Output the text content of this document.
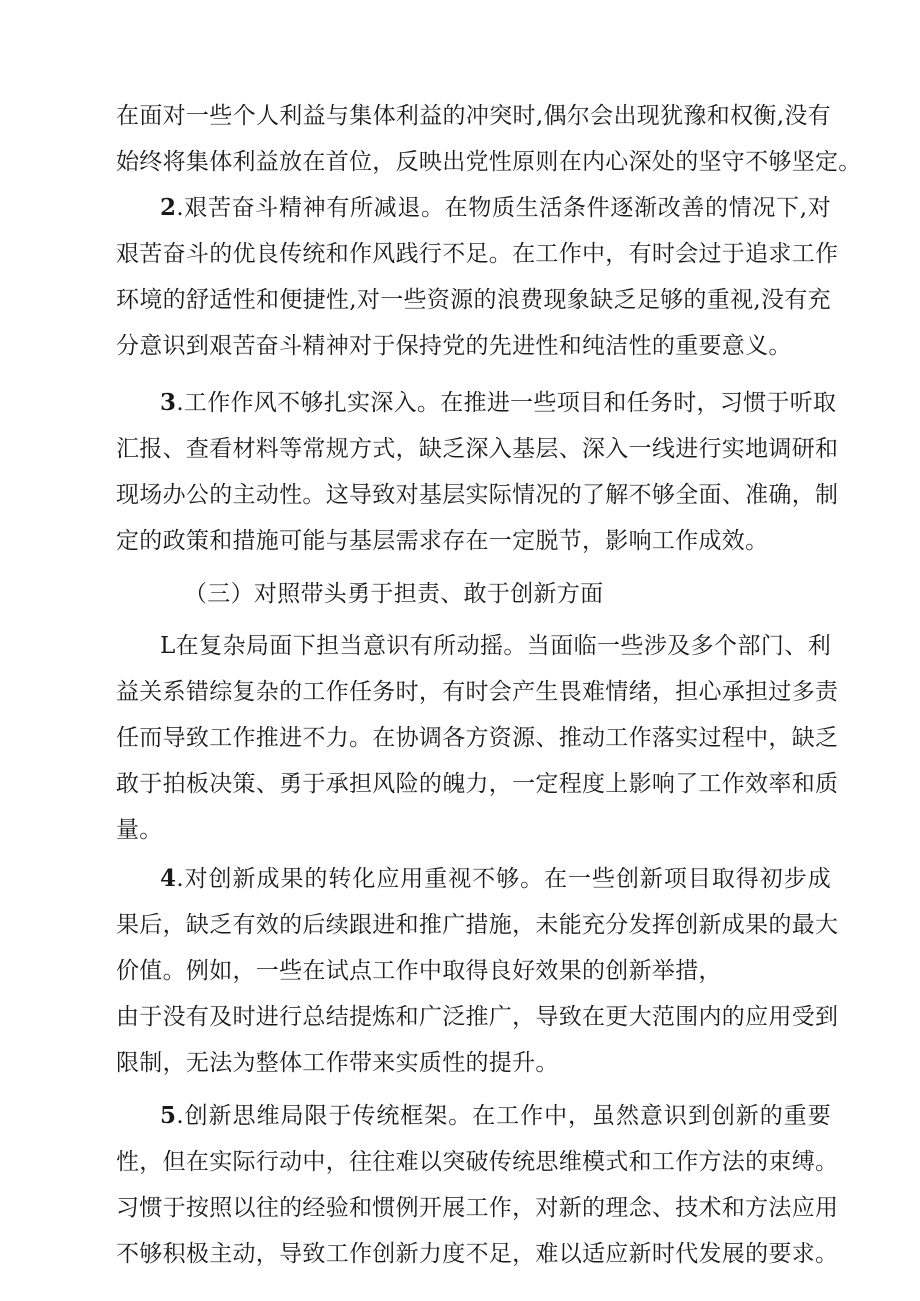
在面对一些个人利益与集体利益的冲突时,偶尔会出现犹豫和权衡,没有

始终将集体利益放在首位，反映出党性原则在内心深处的坚守不够坚定。

2.艰苦奋斗精神有所减退。在物质生活条件逐渐改善的情况下,对

艰苦奋斗的优良传统和作风践行不足。在工作中，有时会过于追求工作

环境的舒适性和便捷性,对一些资源的浪费现象缺乏足够的重视,没有充

分意识到艰苦奋斗精神对于保持党的先进性和纯洁性的重要意义。

3.工作作风不够扎实深入。在推进一些项目和任务时，习惯于听取

汇报、查看材料等常规方式，缺乏深入基层、深入一线进行实地调研和

现场办公的主动性。这导致对基层实际情况的了解不够全面、准确，制

定的政策和措施可能与基层需求存在一定脱节，影响工作成效。

（三）对照带头勇于担责、敢于创新方面

L在复杂局面下担当意识有所动摇。当面临一些涉及多个部门、利

益关系错综复杂的工作任务时，有时会产生畏难情绪，担心承担过多责

任而导致工作推进不力。在协调各方资源、推动工作落实过程中，缺乏

敢于拍板决策、勇于承担风险的魄力，一定程度上影响了工作效率和质

量。

4.对创新成果的转化应用重视不够。在一些创新项目取得初步成

果后，缺乏有效的后续跟进和推广措施，未能充分发挥创新成果的最大

价值。例如，一些在试点工作中取得良好效果的创新举措，

由于没有及时进行总结提炼和广泛推广，导致在更大范围内的应用受到

限制，无法为整体工作带来实质性的提升。

5.创新思维局限于传统框架。在工作中，虽然意识到创新的重要

性，但在实际行动中，往往难以突破传统思维模式和工作方法的束缚。

习惯于按照以往的经验和惯例开展工作，对新的理念、技术和方法应用

不够积极主动，导致工作创新力度不足，难以适应新时代发展的要求。
